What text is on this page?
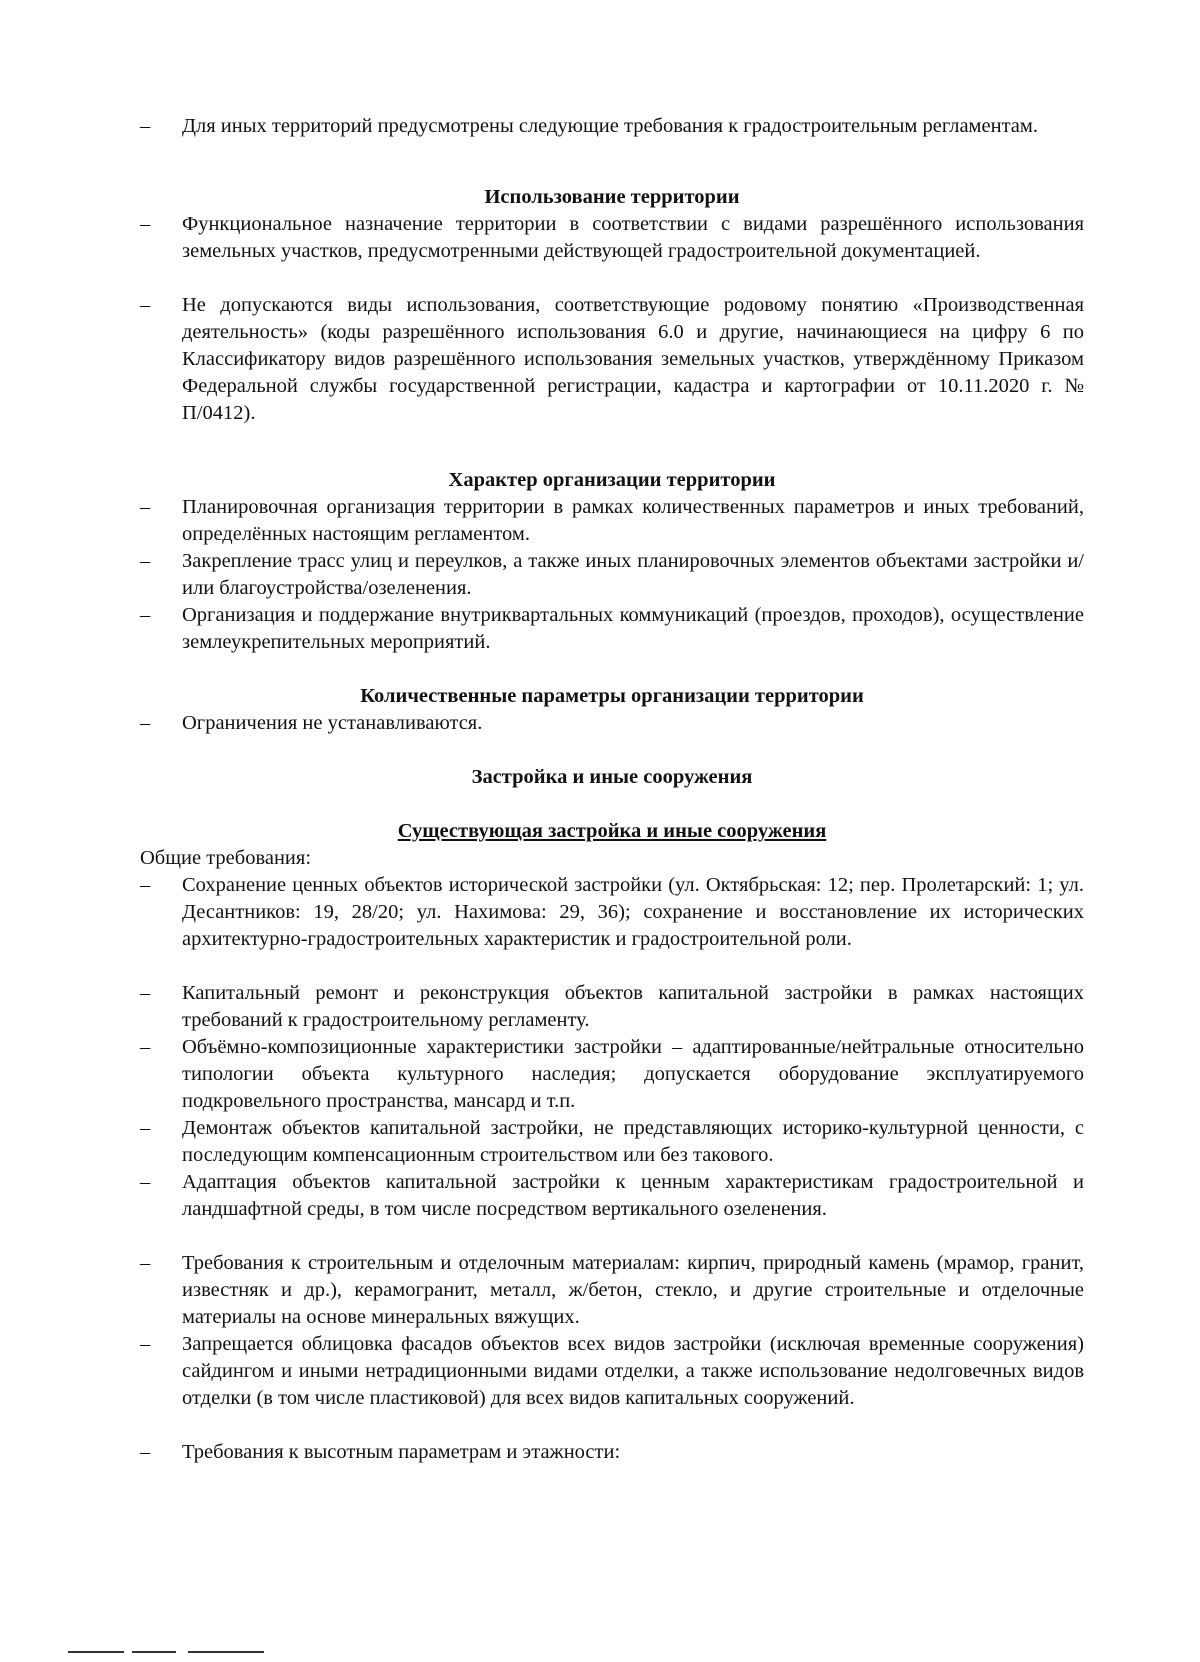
–	Для иных территорий предусмотрены следующие требования к градостроительным регламентам.
Использование территории
–	Функциональное назначение территории в соответствии с видами разрешённого использования земельных участков, предусмотренными действующей градостроительной документацией.
–	Не допускаются виды использования, соответствующие родовому понятию «Производственная деятельность» (коды разрешённого использования 6.0 и другие, начинающиеся на цифру 6 по Классификатору видов разрешённого использования земельных участков, утверждённому Приказом Федеральной службы государственной регистрации, кадастра и картографии от 10.11.2020 г. № П/0412).
Характер организации территории
–	Планировочная организация территории в рамках количественных параметров и иных требований, определённых настоящим регламентом.
–	Закрепление трасс улиц и переулков, а также иных планировочных элементов объектами застройки и/или благоустройства/озеленения.
–	Организация и поддержание внутриквартальных коммуникаций (проездов, проходов), осуществление землеукрепительных мероприятий.
Количественные параметры организации территории
–	Ограничения не устанавливаются.
Застройка и иные сооружения
Существующая застройка и иные сооружения
Общие требования:
–	Сохранение ценных объектов исторической застройки (ул. Октябрьская: 12; пер. Пролетарский: 1; ул. Десантников: 19, 28/20; ул. Нахимова: 29, 36); сохранение и восстановление их исторических архитектурно-градостроительных характеристик и градостроительной роли.
–	Капитальный ремонт и реконструкция объектов капитальной застройки в рамках настоящих требований к градостроительному регламенту.
–	Объёмно-композиционные характеристики застройки – адаптированные/нейтральные относительно типологии объекта культурного наследия; допускается оборудование эксплуатируемого подкровельного пространства, мансард и т.п.
–	Демонтаж объектов капитальной застройки, не представляющих историко-культурной ценности, с последующим компенсационным строительством или без такового.
–	Адаптация объектов капитальной застройки к ценным характеристикам градостроительной и ландшафтной среды, в том числе посредством вертикального озеленения.
–	Требования к строительным и отделочным материалам: кирпич, природный камень (мрамор, гранит, известняк и др.), керамогранит, металл, ж/бетон, стекло, и другие строительные и отделочные материалы на основе минеральных вяжущих.
–	Запрещается облицовка фасадов объектов всех видов застройки (исключая временные сооружения) сайдингом и иными нетрадиционными видами отделки, а также использование недолговечных видов отделки (в том числе пластиковой) для всех видов капитальных сооружений.
–	Требования к высотным параметрам и этажности:
